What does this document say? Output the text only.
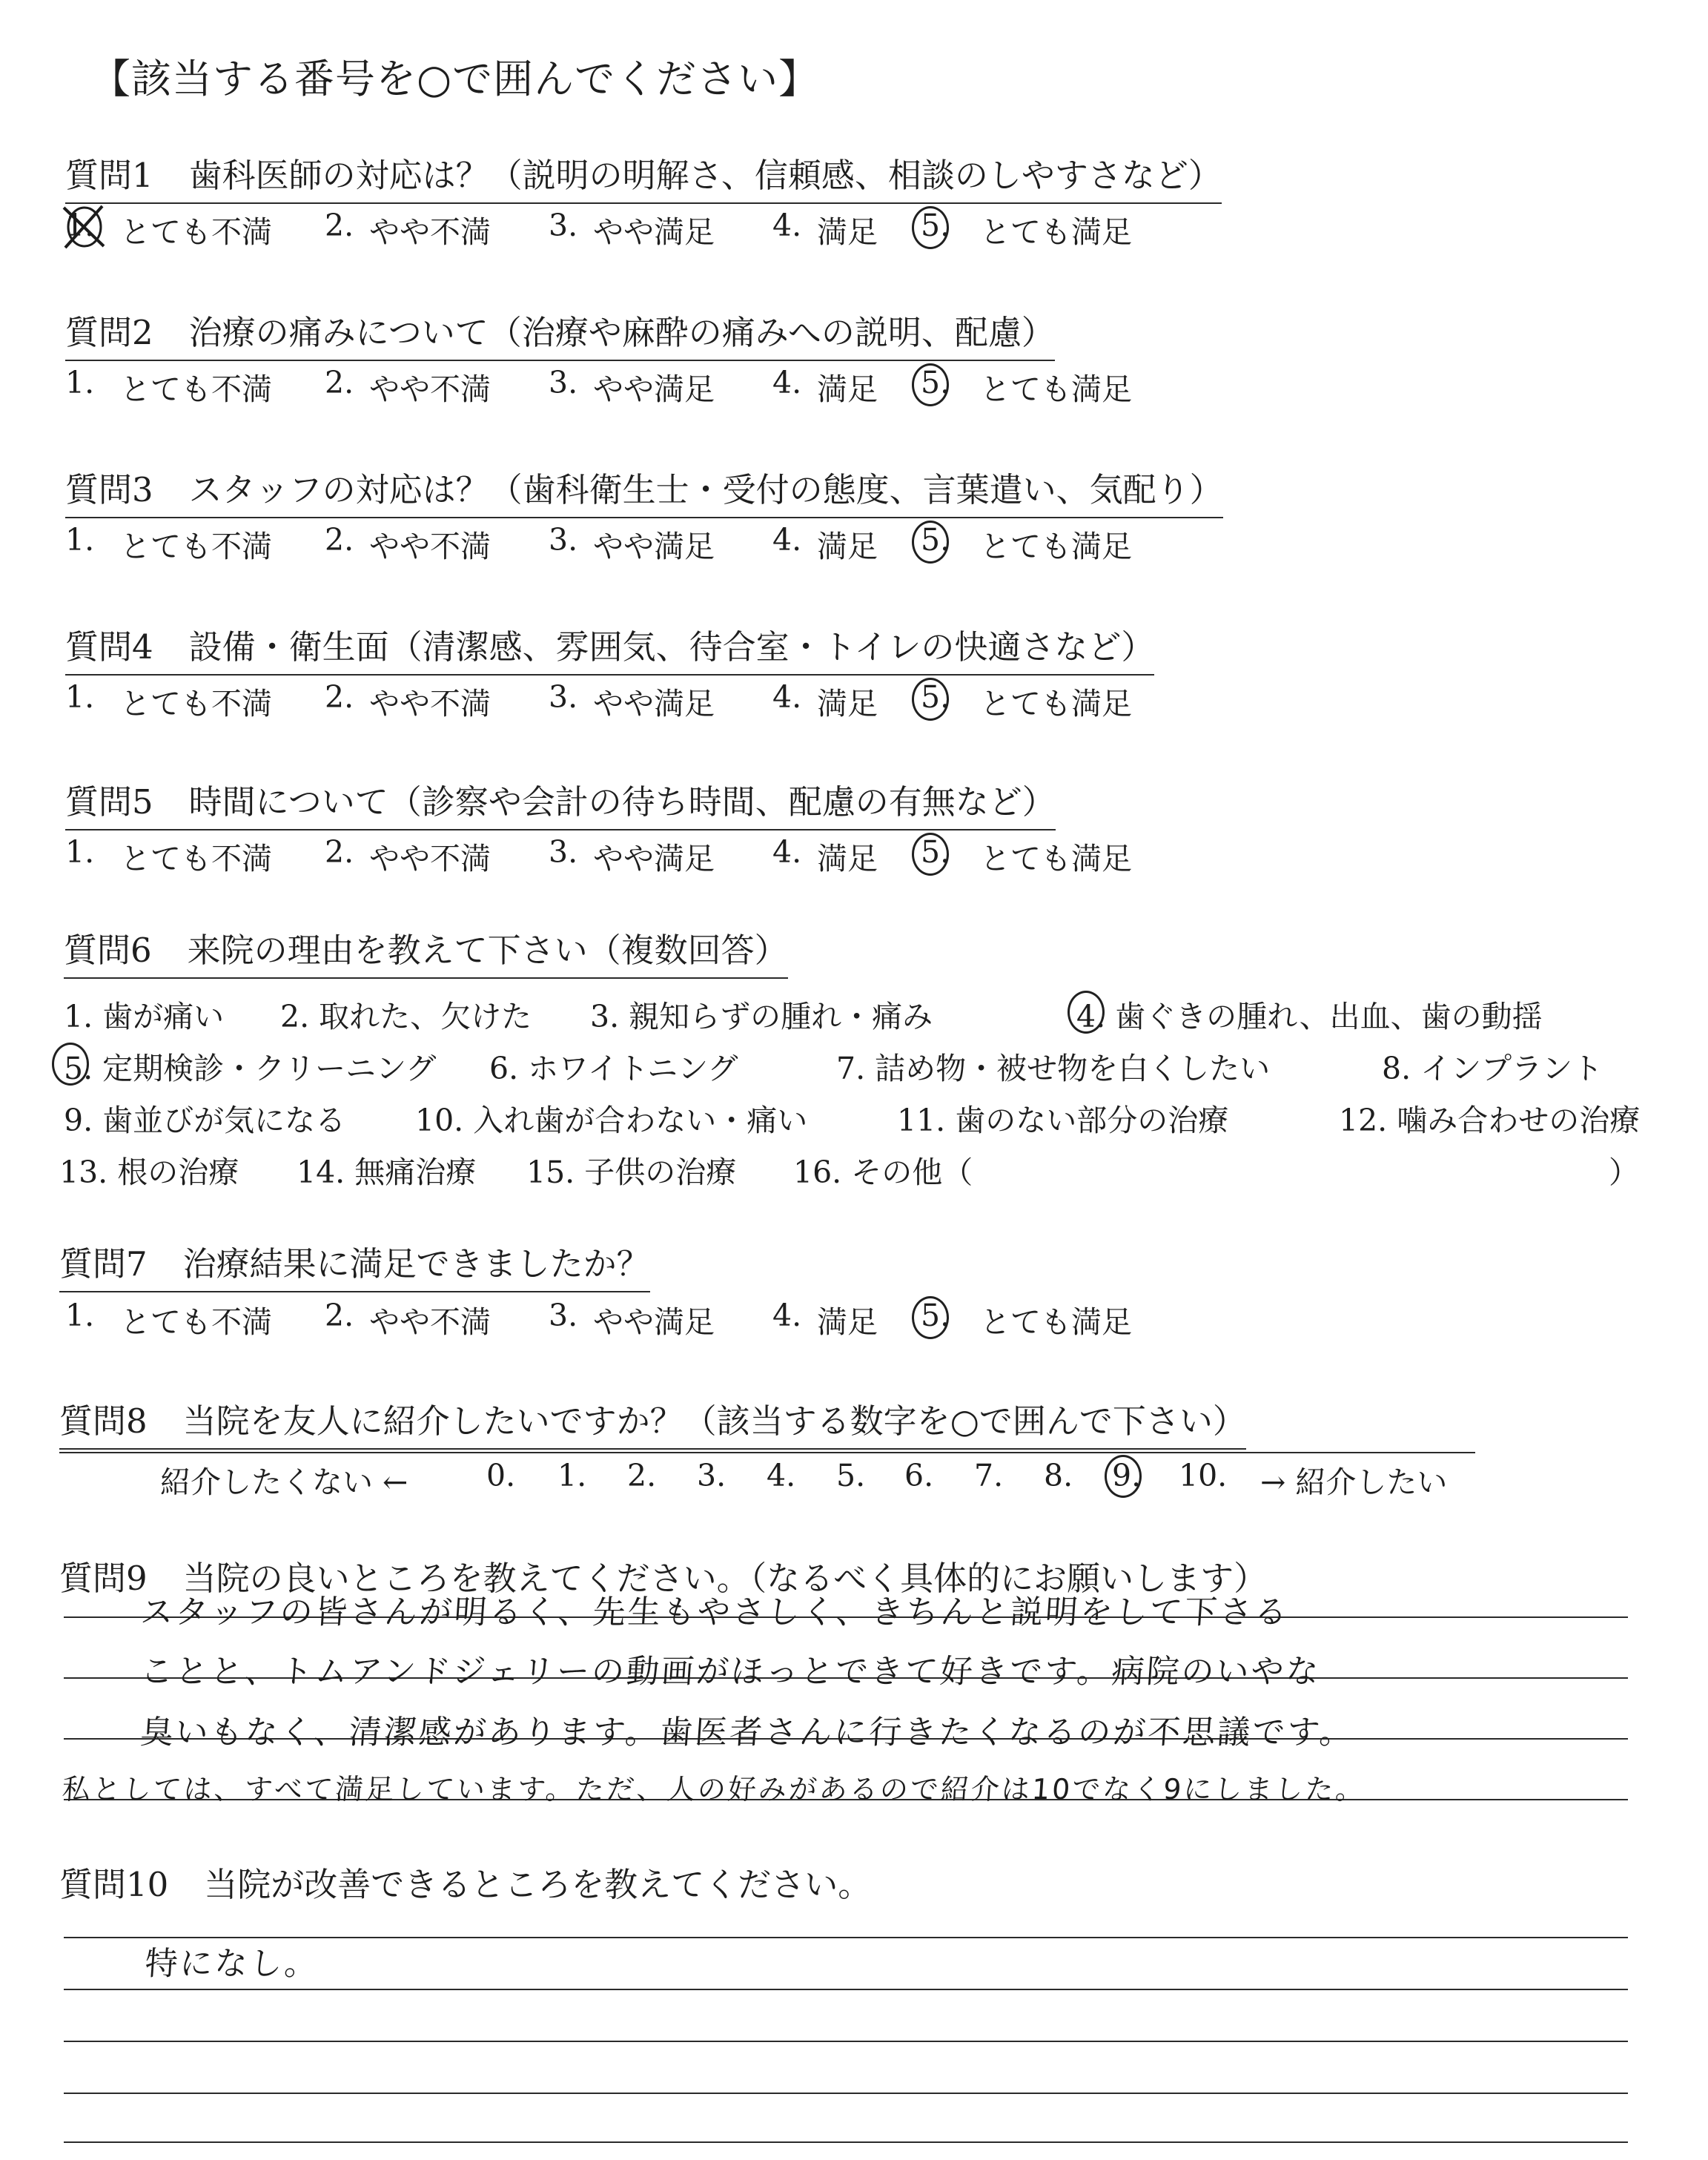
【該当する番号を○で囲んでください】
質問6 来院の理由を教えて下さい（複数回答）
質問7 治療結果に満足できましたか？
質問8 当院を友人に紹介したいですか？（該当する数字を○で囲んで下さい）
質問9 当院の良いところを教えてください。（なるべく具体的にお願いします）
質問10 当院が改善できるところを教えてください。
質問1 歯科医師の対応は？（説明の明解さ、信頼感、相談のしやすさなど）
1. とても不満 2. やや不満 3. やや満足 4. 満足 5. とても満足
質問2 治療の痛みについて（治療や麻酔の痛みへの説明、配慮）
1. とても不満 2. やや不満 3. やや満足 4. 満足 5. とても満足
質問3 スタッフの対応は？（歯科衛生士・受付の態度、言葉遣い、気配り）
1. とても不満 2. やや不満 3. やや満足 4. 満足 5. とても満足
質問4 設備・衛生面（清潔感、雰囲気、待合室・トイレの快適さなど）
1. とても不満 2. やや不満 3. やや満足 4. 満足 5. とても満足
質問5 時間について（診察や会計の待ち時間、配慮の有無など）
1. とても不満 2. やや不満 3. やや満足 4. 満足 5. とても満足
1. 歯が痛い 2. 取れた、欠けた 3. 親知らずの腫れ・痛み	4. 歯ぐきの腫れ、出血、歯の動揺
5. 定期検診・クリーニング 6. ホワイトニング	7. 詰め物・被せ物を白くしたい	8. インプラント
9. 歯並びが気になる 10. 入れ歯が合わない・痛い	11. 歯のない部分の治療	12. 噛み合わせの治療
13. 根の治療 14. 無痛治療 15. 子供の治療 16. その他（	）
1. とても不満 2. やや不満 3. やや満足 4. 満足 5. とても満足
紹介したくない ←	0. 1. 2. 3. 4. 5. 6. 7. 8. 9. 10. → 紹介したい
スタッフの皆さんが明るく、先生もやさしく、きちんと説明をして下さる
ことと、トムアンドジェリーの動画がほっとできて好きです。病院のいやな
臭いもなく、清潔感があります。歯医者さんに行きたくなるのが不思議です。
私としては、すべて満足しています。ただ、人の好みがあるので紹介は10でなく9にしました。
特になし。
